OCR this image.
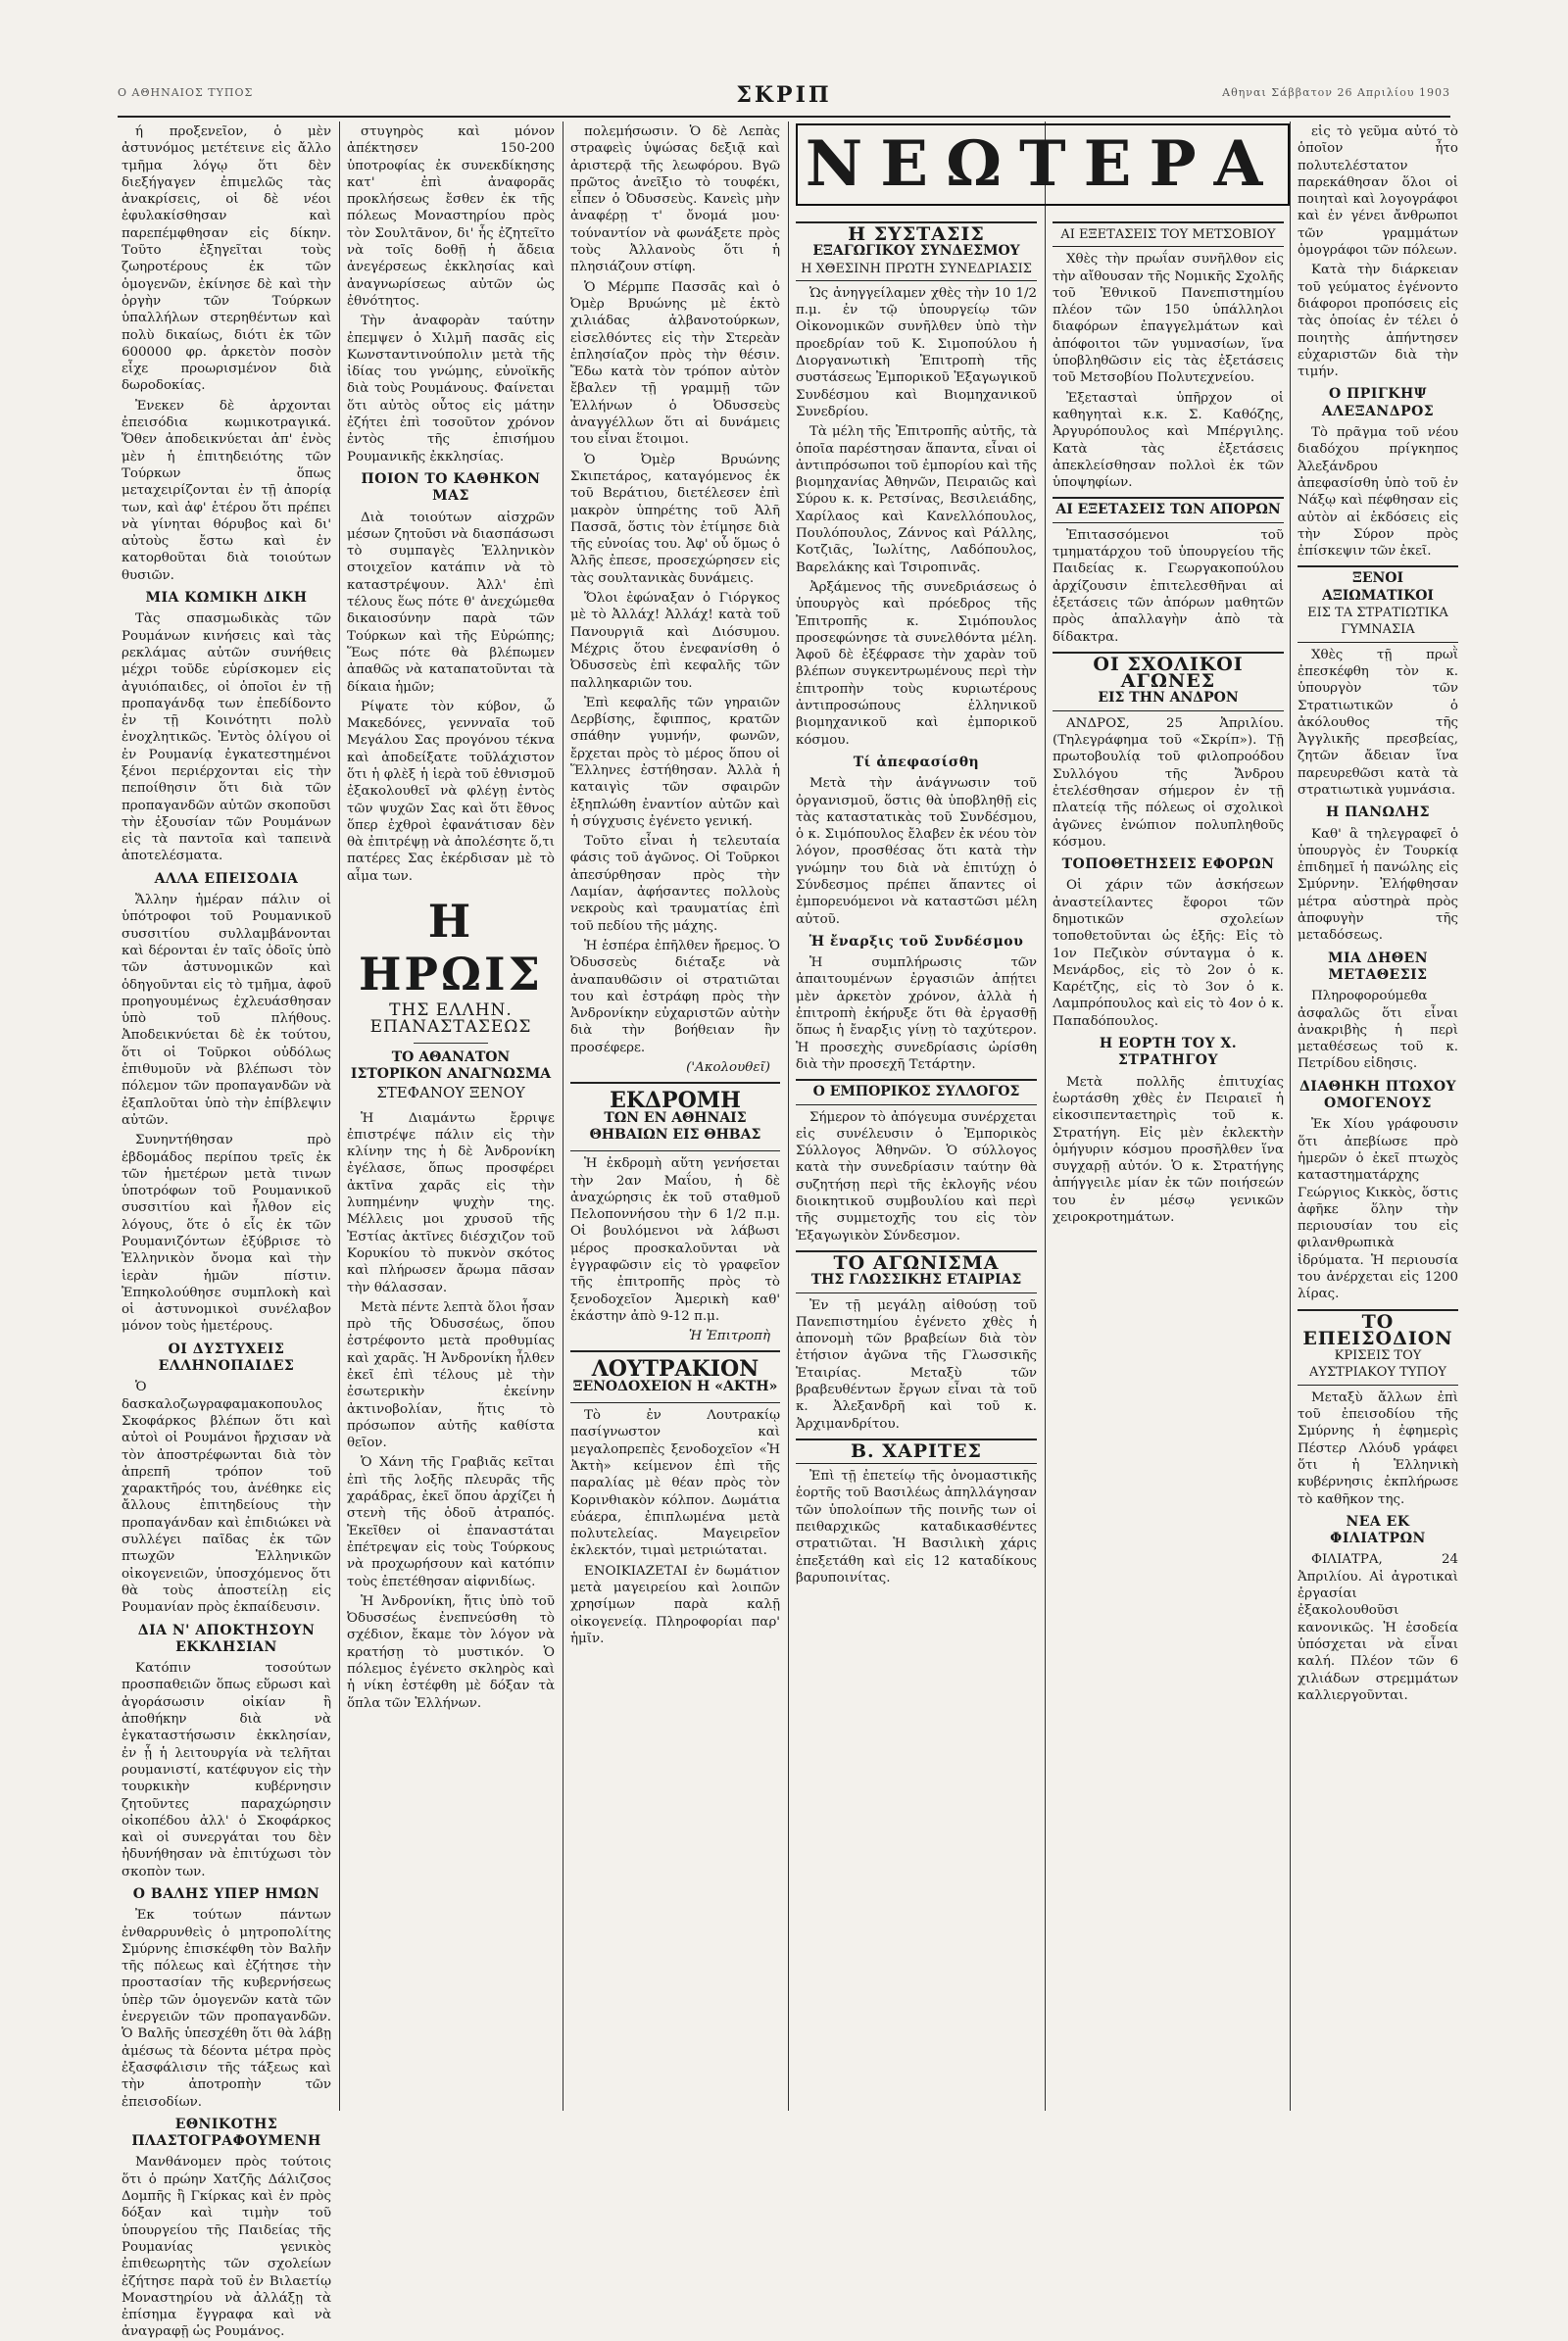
Ο ΑΘΗΝΑΙΟΣ ΤΥΠΟΣ	ΣΚΡΙΠ	Αθηναι Σάββατον 26 Απριλίου 1903

ή προξενεῖον, ὁ μὲν ἀστυνόμος μετέτεινε εἰς ἄλλο τμῆμα λόγῳ ὅτι δὲν διεξήγαγεν ἐπιμελῶς τὰς ἀνακρίσεις, οἱ δὲ νέοι ἐφυλακίσθησαν καὶ παρεπέμφθησαν εἰς δίκην. Τοῦτο ἐξηγεῖται τοὺς ζωηροτέρους ἐκ τῶν ὁμογενῶν, ἐκίνησε δὲ καὶ τὴν ὀργὴν τῶν Τούρκων ὑπαλλήλων στερηθέντων καὶ πολὺ δικαίως, διότι ἐκ τῶν 600000 φρ. ἀρκετὸν ποσὸν εἶχε προωρισμένον διὰ δωροδοκίας.

Ἐνεκεν δὲ ἀρχονται ἐπεισόδια κωμικοτραγικά. Ὅθεν ἀποδεικνύεται ἀπ' ἐνὸς μὲν ἡ ἐπιτηδειότης τῶν Τούρκων ὅπως μεταχειρίζονται ἐν τῇ ἀπορίᾳ των, καὶ ἀφ' ἑτέρου ὅτι πρέπει νὰ γίνηται θόρυβος καὶ δι' αὐτοὺς ἔστω καὶ ἐν κατορθοῦται διὰ τοιούτων θυσιῶν.

ΜΙΑ ΚΩΜΙΚΗ ΔΙΚΗ

Τὰς σπασμωδικὰς τῶν Ρουμάνων κινήσεις καὶ τὰς ρεκλάμας αὐτῶν συνήθεις μέχρι τοῦδε εὑρίσκομεν εἰς ἀγυιόπαιδες, οἱ ὁποῖοι ἐν τῇ προπαγάνδᾳ των ἐπεδίδοντο ἐν τῇ Κοινότητι πολὺ ἐνοχλητικῶς. Ἐντὸς ὀλίγου οἱ ἐν Ρουμανίᾳ ἐγκατεστημένοι ξένοι περιέρχονται εἰς τὴν πεποίθησιν ὅτι διὰ τῶν προπαγανδῶν αὐτῶν σκοποῦσι τὴν ἐξουσίαν τῶν Ρουμάνων εἰς τὰ παντοῖα καὶ ταπεινὰ ἀποτελέσματα.

ΑΛΛΑ ΕΠΕΙΣΟΔΙΑ

Ἄλλην ἡμέραν πάλιν οἱ ὑπότροφοι τοῦ Ρουμανικοῦ συσσιτίου συλλαμβάνονται καὶ δέρονται ἐν ταῖς ὁδοῖς ὑπὸ τῶν ἀστυνομικῶν καὶ ὁδηγοῦνται εἰς τὸ τμῆμα, ἀφοῦ προηγουμένως ἐχλευάσθησαν ὑπὸ τοῦ πλήθους. Ἀποδεικνύεται δὲ ἐκ τούτου, ὅτι οἱ Τοῦρκοι οὐδόλως ἐπιθυμοῦν νὰ βλέπωσι τὸν πόλεμον τῶν προπαγανδῶν νὰ ἐξαπλοῦται ὑπὸ τὴν ἐπίβλεψιν αὐτῶν.

Συνηντήθησαν πρὸ ἑβδομάδος περίπου τρεῖς ἐκ τῶν ἡμετέρων μετὰ τινων ὑποτρόφων τοῦ Ρουμανικοῦ συσσιτίου καὶ ἦλθον εἰς λόγους, ὅτε ὁ εἷς ἐκ τῶν Ρουμανιζόντων ἐξύβρισε τὸ Ἑλληνικὸν ὄνομα καὶ τὴν ἱερὰν ἡμῶν πίστιν. Ἐπηκολούθησε συμπλοκὴ καὶ οἱ ἀστυνομικοὶ συνέλαβον μόνον τοὺς ἡμετέρους.

ΟΙ ΔΥΣΤΥΧΕΙΣ ΕΛΛΗΝΟΠΑΙΔΕΣ

Ὁ δασκαλοζωγραφαμακοπουλος Σκοφάρκος βλέπων ὅτι καὶ αὐτοὶ οἱ Ρουμάνοι ἤρχισαν νὰ τὸν ἀποστρέφωνται διὰ τὸν ἀπρεπῆ τρόπον τοῦ χαρακτῆρός του, ἀνέθηκε εἰς ἄλλους ἐπιτηδείους τὴν προπαγάνδαν καὶ ἐπιδιώκει νὰ συλλέγει παῖδας ἐκ τῶν πτωχῶν Ἑλληνικῶν οἰκογενειῶν, ὑποσχόμενος ὅτι θὰ τοὺς ἀποστείλῃ εἰς Ρουμανίαν πρὸς ἐκπαίδευσιν.

ΔΙΑ Ν' ΑΠΟΚΤΗΣΟΥΝ ΕΚΚΛΗΣΙΑΝ

Κατόπιν τοσούτων προσπαθειῶν ὅπως εὕρωσι καὶ ἀγοράσωσιν οἰκίαν ἢ ἀποθήκην διὰ νὰ ἐγκαταστήσωσιν ἐκκλησίαν, ἐν ᾗ ἡ λειτουργία νὰ τελῆται ρουμανιστί, κατέφυγον εἰς τὴν τουρκικὴν κυβέρνησιν ζητοῦντες παραχώρησιν οἰκοπέδου ἀλλ' ὁ Σκοφάρκος καὶ οἱ συνεργάται του δὲν ἠδυνήθησαν νὰ ἐπιτύχωσι τὸν σκοπὸν των.

Ο ΒΑΛΗΣ ΥΠΕΡ ΗΜΩΝ

Ἐκ τούτων πάντων ἐνθαρρυνθεὶς ὁ μητροπολίτης Σμύρνης ἐπισκέφθη τὸν Βαλῆν τῆς πόλεως καὶ ἐζήτησε τὴν προστασίαν τῆς κυβερνήσεως ὑπὲρ τῶν ὁμογενῶν κατὰ τῶν ἐνεργειῶν τῶν προπαγανδῶν. Ὁ Βαλῆς ὑπεσχέθη ὅτι θὰ λάβῃ ἀμέσως τὰ δέοντα μέτρα πρὸς ἐξασφάλισιν τῆς τάξεως καὶ τὴν ἀποτροπὴν τῶν ἐπεισοδίων.

ΕΘΝΙΚΟΤΗΣ ΠΛΑΣΤΟΓΡΑΦΟΥΜΕΝΗ

Μανθάνομεν πρὸς τούτοις ὅτι ὁ πρώην Χατζῆς Δάλιζσος Δομπῆς ἢ Γκίρκας καὶ ἐν πρὸς δόξαν καὶ τιμὴν τοῦ ὑπουργείου τῆς Παιδείας τῆς Ρουμανίας γενικὸς ἐπιθεωρητὴς τῶν σχολείων ἐζήτησε παρὰ τοῦ ἐν Βιλαετίῳ Μοναστηρίου νὰ ἀλλάξῃ τὰ ἐπίσημα ἔγγραφα καὶ νὰ ἀναγραφῇ ὡς Ρουμάνος.

στυγηρὸς καὶ μόνον ἀπέκτησεν 150-200 ὑποτροφίας ἐκ συνεκδίκησης κατ' ἐπὶ ἀναφορᾶς προκλήσεως ἔσθεν ἐκ τῆς πόλεως Μοναστηρίου πρὸς τὸν Σουλτᾶνον, δι' ἧς ἐζητεῖτο νὰ τοῖς δοθῇ ἡ ἄδεια ἀνεγέρσεως ἐκκλησίας καὶ ἀναγνωρίσεως αὐτῶν ὡς ἐθνότητος.

Τὴν ἀναφορὰν ταύτην ἐπεμψεν ὁ Χιλμῆ πασᾶς εἰς Κωνσταντινούπολιν μετὰ τῆς ἰδίας του γνώμης, εὐνοϊκῆς διὰ τοὺς Ρουμάνους. Φαίνεται ὅτι αὐτὸς οὗτος εἰς μάτην ἐζήτει ἐπὶ τοσοῦτον χρόνον ἐντὸς τῆς ἐπισήμου Ρουμανικῆς ἐκκλησίας.

ΠΟΙΟΝ ΤΟ ΚΑΘΗΚΟΝ ΜΑΣ

Διὰ τοιούτων αἰσχρῶν μέσων ζητοῦσι νὰ διασπάσωσι τὸ συμπαγὲς Ἑλληνικὸν στοιχεῖον κατάπιν νὰ τὸ καταστρέψουν. Ἀλλ' ἐπὶ τέλους ἕως πότε θ' ἀνεχώμεθα δικαιοσύνην παρὰ τῶν Τούρκων καὶ τῆς Εὐρώπης; Ἕως πότε θὰ βλέπωμεν ἀπαθῶς νὰ καταπατοῦνται τὰ δίκαια ἡμῶν;

Ρίψατε τὸν κύβον, ὦ Μακεδόνες, γεννναῖα τοῦ Μεγάλου Σας προγόνου τέκνα καὶ ἀποδείξατε τοῦλάχιστον ὅτι ἡ φλὲξ ἡ ἱερὰ τοῦ ἐθνισμοῦ ἐξακολουθεῖ νὰ φλέγῃ ἐντὸς τῶν ψυχῶν Σας καὶ ὅτι ἔθνος ὅπερ ἐχθροὶ ἐφανάτισαν δὲν θὰ ἐπιτρέψῃ νὰ ἀπολέσητε ὅ,τι πατέρες Σας ἐκέρδισαν μὲ τὸ αἷμα των.

Η ΗΡΩΙΣ
ΤΗΣ ΕΛΛΗΝ. ΕΠΑΝΑΣΤΑΣΕΩΣ
ΤΟ ΑΘΑΝΑΤΟΝ ΙΣΤΟΡΙΚΟΝ ΑΝΑΓΝΩΣΜΑ
ΣΤΕΦΑΝΟΥ ΞΕΝΟΥ

Ἡ Διαμάντω ἔρριψε ἐπιστρέψε πάλιν εἰς τὴν κλίνην της ἡ δὲ Ἀνδρονίκη ἐγέλασε, ὅπως προσφέρει ἀκτῖνα χαρᾶς εἰς τὴν λυπημένην ψυχὴν της. Μέλλεις μοι χρυσοῦ τῆς Ἑστίας ἀκτῖνες διέσχιζον τοῦ Κορυκίου τὸ πυκνὸν σκότος καὶ πλήρωσεν ἄρωμα πᾶσαν τὴν θάλασσαν.

Μετὰ πέντε λεπτὰ ὅλοι ἦσαν πρὸ τῆς Ὀδυσσέως, ὅπου ἐστρέφοντο μετὰ προθυμίας καὶ χαρᾶς. Ἡ Ἀνδρονίκη ἦλθεν ἐκεῖ ἐπὶ τέλους μὲ τὴν ἐσωτερικὴν ἐκείνην ἀκτινοβολίαν, ἥτις τὸ πρόσωπον αὐτῆς καθίστα θεῖον.

Ὁ Χάνη τῆς Γραβιᾶς κεῖται ἐπὶ τῆς λοξῆς πλευρᾶς τῆς χαράδρας, ἐκεῖ ὅπου ἀρχίζει ἡ στενὴ τῆς ὁδοῦ ἀτραπός. Ἐκεῖθεν οἱ ἐπαναστάται ἐπέτρεψαν εἰς τοὺς Τούρκους νὰ προχωρήσουν καὶ κατόπιν τοὺς ἐπετέθησαν αἰφνιδίως.

Ἡ Ἀνδρονίκη, ἥτις ὑπὸ τοῦ Ὀδυσσέως ἐνεπνεύσθη τὸ σχέδιον, ἔκαμε τὸν λόγον νὰ κρατήσῃ τὸ μυστικόν. Ὁ πόλεμος ἐγένετο σκληρὸς καὶ ἡ νίκη ἐστέφθη μὲ δόξαν τὰ ὅπλα τῶν Ἑλλήνων.

πολεμήσωσιν. Ὁ δὲ Λεπὰς στραφεὶς ὑψώσας δεξιᾷ καὶ ἀριστερᾷ τῆς λεωφόρου. Βγῶ πρῶτος ἀνεῖξιο τὸ τουφέκι, εἶπεν ὁ Ὀδυσσεὺς. Κανεὶς μὴν ἀναφέρῃ τ' ὄνομά μου· τούναντίον νὰ φωνάξετε πρὸς τοὺς Ἀλλανοὺς ὅτι ἡ πλησιάζουν στίφη.

Ὁ Μέρμπε Πασσᾶς καὶ ὁ Ὀμὲρ Βρυώνης μὲ ἑκτὸ χιλιάδας ἀλβανοτούρκων, εἰσελθόντες εἰς τὴν Στερεὰν ἐπλησίαζον πρὸς τὴν θέσιν. Ἔδω κατὰ τὸν τρόπον αὐτὸν ἔβαλεν τῇ γραμμῇ τῶν Ἑλλήνων ὁ Ὀδυσσεὺς ἀναγγέλλων ὅτι αἱ δυνάμεις του εἶναι ἕτοιμοι.

Ὁ Ὀμὲρ Βρυώνης Σκιπετάρος, καταγόμενος ἐκ τοῦ Βεράτιου, διετέλεσεν ἐπὶ μακρὸν ὑπηρέτης τοῦ Ἀλῆ Πασσᾶ, ὅστις τὸν ἐτίμησε διὰ τῆς εὐνοίας του. Ἀφ' οὗ ὅμως ὁ Ἀλῆς ἐπεσε, προσεχώρησεν εἰς τὰς σουλτανικὰς δυνάμεις.

Ὅλοι ἐφώναξαν ὁ Γιόργκος μὲ τὸ Ἀλλάχ! Ἀλλάχ! κατὰ τοῦ Πανουργιᾶ καὶ Διόσυμου. Μέχρις ὅτου ἐνεφανίσθη ὁ Ὀδυσσεὺς ἐπὶ κεφαλῆς τῶν παλληκαριῶν του.

Ἐπὶ κεφαλῆς τῶν γηραιῶν Δερβίσης, ἔφιππος, κρατῶν σπάθην γυμνήν, φωνῶν, ἔρχεται πρὸς τὸ μέρος ὅπου οἱ Ἕλληνες ἐστήθησαν. Ἀλλὰ ἡ καταιγὶς τῶν σφαιρῶν ἐξηπλώθη ἐναντίον αὐτῶν καὶ ἡ σύγχυσις ἐγένετο γενική.

Τοῦτο εἶναι ἡ τελευταία φάσις τοῦ ἀγῶνος. Οἱ Τοῦρκοι ἀπεσύρθησαν πρὸς τὴν Λαμίαν, ἀφήσαντες πολλοὺς νεκροὺς καὶ τραυματίας ἐπὶ τοῦ πεδίου τῆς μάχης.

Ἡ ἑσπέρα ἐπῆλθεν ἤρεμος. Ὁ Ὀδυσσεὺς διέταξε νὰ ἀναπαυθῶσιν οἱ στρατιῶται του καὶ ἐστράφη πρὸς τὴν Ἀνδρονίκην εὐχαριστῶν αὐτὴν διὰ τὴν βοήθειαν ἣν προσέφερε.

('Ακολουθεῖ)
ΕΚΔΡΟΜΗ
ΤΩΝ ΕΝ ΑΘΗΝΑΙΣ ΘΗΒΑΙΩΝ ΕΙΣ ΘΗΒΑΣ

Ἡ ἐκδρομὴ αὕτη γενήσεται τὴν 2αν Μαΐου, ἡ δὲ ἀναχώρησις ἐκ τοῦ σταθμοῦ Πελοποννήσου τὴν 6 1/2 π.μ. Οἱ βουλόμενοι νὰ λάβωσι μέρος προσκαλοῦνται νὰ ἐγγραφῶσιν εἰς τὸ γραφεῖον τῆς ἐπιτροπῆς πρὸς τὸ ξενοδοχεῖον Ἀμερικὴ καθ' ἑκάστην ἀπὸ 9-12 π.μ.

Ἡ Ἐπιτροπὴ
ΛΟΥΤΡΑΚΙΟΝ
ΞΕΝΟΔΟΧΕΙΟΝ Η «ΑΚΤΗ»

Τὸ ἐν Λουτρακίῳ πασίγνωστον καὶ μεγαλοπρεπὲς ξενοδοχεῖον «Ἡ Ἀκτὴ» κείμενον ἐπὶ τῆς παραλίας μὲ θέαν πρὸς τὸν Κορινθιακὸν κόλπον. Δωμάτια εὐάερα, ἐπιπλωμένα μετὰ πολυτελείας. Μαγειρεῖον ἐκλεκτόν, τιμαὶ μετριώταται.

ΕΝΟΙΚΙΑΖΕΤΑΙ ἐν δωμάτιον μετὰ μαγειρείου καὶ λοιπῶν χρησίμων παρὰ καλῇ οἰκογενείᾳ. Πληροφορίαι παρ' ἡμῖν.

ΝΕΩΤΕΡΑ
Η ΣΥΣΤΑΣΙΣ
ΕΞΑΓΩΓΙΚΟΥ ΣΥΝΔΕΣΜΟΥ
Η ΧΘΕΣΙΝΗ ΠΡΩΤΗ ΣΥΝΕΔΡΙΑΣΙΣ

Ὡς ἀνηγγείλαμεν χθὲς τὴν 10 1/2 π.μ. ἐν τῷ ὑπουργείῳ τῶν Οἰκονομικῶν συνῆλθεν ὑπὸ τὴν προεδρίαν τοῦ Κ. Σιμοπούλου ἡ Διοργανωτικὴ Ἐπιτροπὴ τῆς συστάσεως Ἐμπορικοῦ Ἐξαγωγικοῦ Συνδέσμου καὶ Βιομηχανικοῦ Συνεδρίου.

Τὰ μέλη τῆς Ἐπιτροπῆς αὐτῆς, τὰ ὁποῖα παρέστησαν ἅπαντα, εἶναι οἱ ἀντιπρόσωποι τοῦ ἐμπορίου καὶ τῆς βιομηχανίας Ἀθηνῶν, Πειραιῶς καὶ Σύρου κ. κ. Ρετσίνας, Βεσιλειάδης, Χαρίλαος καὶ Κανελλόπουλος, Πουλόπουλος, Ζάννος καὶ Ράλλης, Κοτζιᾶς, Ἰωλίτης, Λαδόπουλος, Βαρελάκης καὶ Τσιροπινᾶς.

Ἀρξάμενος τῆς συνεδριάσεως ὁ ὑπουργὸς καὶ πρόεδρος τῆς Ἐπιτροπῆς κ. Σιμόπουλος προσεφώνησε τὰ συνελθόντα μέλη. Ἀφοῦ δὲ ἐξέφρασε τὴν χαρὰν τοῦ βλέπων συγκεντρωμένους περὶ τὴν ἐπιτροπὴν τοὺς κυριωτέρους ἀντιπροσώπους ἑλληνικοῦ βιομηχανικοῦ καὶ ἐμπορικοῦ κόσμου.

Τί ἀπεφασίσθη

Μετὰ τὴν ἀνάγνωσιν τοῦ ὀργανισμοῦ, ὅστις θὰ ὑποβληθῇ εἰς τὰς καταστατικὰς τοῦ Συνδέσμου, ὁ κ. Σιμόπουλος ἔλαβεν ἐκ νέου τὸν λόγον, προσθέσας ὅτι κατὰ τὴν γνώμην του διὰ νὰ ἐπιτύχῃ ὁ Σύνδεσμος πρέπει ἅπαντες οἱ ἐμπορευόμενοι νὰ καταστῶσι μέλη αὐτοῦ.

Ἡ ἔναρξις τοῦ Συνδέσμου

Ἡ συμπλήρωσις τῶν ἀπαιτουμένων ἐργασιῶν ἀπῄτει μὲν ἀρκετὸν χρόνον, ἀλλὰ ἡ ἐπιτροπὴ ἐκήρυξε ὅτι θὰ ἐργασθῇ ὅπως ἡ ἔναρξις γίνῃ τὸ ταχύτερον. Ἡ προσεχὴς συνεδρίασις ὡρίσθη διὰ τὴν προσεχῆ Τετάρτην.

Ο ΕΜΠΟΡΙΚΟΣ ΣΥΛΛΟΓΟΣ

Σήμερον τὸ ἀπόγευμα συνέρχεται εἰς συνέλευσιν ὁ Ἐμπορικὸς Σύλλογος Ἀθηνῶν. Ὁ σύλλογος κατὰ τὴν συνεδρίασιν ταύτην θὰ συζητήσῃ περὶ τῆς ἐκλογῆς νέου διοικητικοῦ συμβουλίου καὶ περὶ τῆς συμμετοχῆς του εἰς τὸν Ἐξαγωγικὸν Σύνδεσμον.

ΤΟ ΑΓΩΝΙΣΜΑ
ΤΗΣ ΓΛΩΣΣΙΚΗΣ ΕΤΑΙΡΙΑΣ

Ἐν τῇ μεγάλῃ αἰθούσῃ τοῦ Πανεπιστημίου ἐγένετο χθὲς ἡ ἀπονομὴ τῶν βραβείων διὰ τὸν ἐτήσιον ἀγῶνα τῆς Γλωσσικῆς Ἑταιρίας. Μεταξὺ τῶν βραβευθέντων ἔργων εἶναι τὰ τοῦ κ. Ἀλεξανδρῆ καὶ τοῦ κ. Ἀρχιμανδρίτου.

Β. ΧΑΡΙΤΕΣ

Ἐπὶ τῇ ἐπετείῳ τῆς ὀνομαστικῆς ἑορτῆς τοῦ Βασιλέως ἀπηλλάγησαν τῶν ὑπολοίπων τῆς ποινῆς των οἱ πειθαρχικῶς καταδικασθέντες στρατιῶται. Ἡ Βασιλικὴ χάρις ἐπεξετάθη καὶ εἰς 12 καταδίκους βαρυποινίτας.

ΑΙ ΕΞΕΤΑΣΕΙΣ ΤΟΥ ΜΕΤΣΟΒΙΟΥ

Χθὲς τὴν πρωΐαν συνῆλθον εἰς τὴν αἴθουσαν τῆς Νομικῆς Σχολῆς τοῦ Ἐθνικοῦ Πανεπιστημίου πλέον τῶν 150 ὑπάλληλοι διαφόρων ἐπαγγελμάτων καὶ ἀπόφοιτοι τῶν γυμνασίων, ἵνα ὑποβληθῶσιν εἰς τὰς ἐξετάσεις τοῦ Μετσοβίου Πολυτεχνείου.

Ἐξετασταὶ ὑπῆρχον οἱ καθηγηταὶ κ.κ. Σ. Καθόζης, Ἀργυρόπουλος καὶ Μπέργιλης. Κατὰ τὰς ἐξετάσεις ἀπεκλείσθησαν πολλοὶ ἐκ τῶν ὑποψηφίων.

ΑΙ ΕΞΕΤΑΣΕΙΣ ΤΩΝ ΑΠΟΡΩΝ

Ἐπιτασσόμενοι τοῦ τμηματάρχου τοῦ ὑπουργείου τῆς Παιδείας κ. Γεωργακοπούλου ἀρχίζουσιν ἐπιτελεσθῆναι αἱ ἐξετάσεις τῶν ἀπόρων μαθητῶν πρὸς ἀπαλλαγὴν ἀπὸ τὰ δίδακτρα.

ΟΙ ΣΧΟΛΙΚΟΙ ΑΓΩΝΕΣ
ΕΙΣ ΤΗΝ ΑΝΔΡΟΝ

ΑΝΔΡΟΣ, 25 Ἀπριλίου. (Τηλεγράφημα τοῦ «Σκρίπ»). Τῇ πρωτοβουλίᾳ τοῦ φιλοπροόδου Συλλόγου τῆς Ἄνδρου ἐτελέσθησαν σήμερον ἐν τῇ πλατείᾳ τῆς πόλεως οἱ σχολικοὶ ἀγῶνες ἐνώπιον πολυπληθοῦς κόσμου.

ΤΟΠΟΘΕΤΗΣΕΙΣ ΕΦΟΡΩΝ

Οἱ χάριν τῶν ἀσκήσεων ἀναστείλαντες ἔφοροι τῶν δημοτικῶν σχολείων τοποθετοῦνται ὡς ἑξῆς: Εἰς τὸ 1ον Πεζικὸν σύνταγμα ὁ κ. Μενάρδος, εἰς τὸ 2ον ὁ κ. Καρέτζης, εἰς τὸ 3ον ὁ κ. Λαμπρόπουλος καὶ εἰς τὸ 4ον ὁ κ. Παπαδόπουλος.

Η ΕΟΡΤΗ ΤΟΥ Χ. ΣΤΡΑΤΗΓΟΥ

Μετὰ πολλῆς ἐπιτυχίας ἑωρτάσθη χθὲς ἐν Πειραιεῖ ἡ εἰκοσιπενταετηρὶς τοῦ κ. Στρατήγη. Εἰς μὲν ἐκλεκτὴν ὁμήγυριν κόσμου προσῆλθεν ἵνα συγχαρῇ αὐτόν. Ὁ κ. Στρατήγης ἀπήγγειλε μίαν ἐκ τῶν ποιήσεών του ἐν μέσῳ γενικῶν χειροκροτημάτων.

εἰς τὸ γεῦμα αὐτό τὸ ὁποῖον ἦτο πολυτελέστατον παρεκάθησαν ὅλοι οἱ ποιηταὶ καὶ λογογράφοι καὶ ἐν γένει ἄνθρωποι τῶν γραμμάτων ὁμογράφοι τῶν πόλεων.

Κατὰ τὴν διάρκειαν τοῦ γεύματος ἐγένοντο διάφοροι προπόσεις εἰς τὰς ὁποίας ἐν τέλει ὁ ποιητὴς ἀπήντησεν εὐχαριστῶν διὰ τὴν τιμήν.

Ο ΠΡΙΓΚΗΨ ΑΛΕΞΑΝΔΡΟΣ

Τὸ πρᾶγμα τοῦ νέου διαδόχου πρίγκηπος Ἀλεξάνδρου ἀπεφασίσθη ὑπὸ τοῦ ἐν Νάξῳ καὶ πέφθησαν εἰς αὐτὸν αἱ ἐκδόσεις εἰς τὴν Σύρον πρὸς ἐπίσκεψιν τῶν ἐκεῖ.

ΞΕΝΟΙ ΑΞΙΩΜΑΤΙΚΟΙ
ΕΙΣ ΤΑ ΣΤΡΑΤΙΩΤΙΚΑ ΓΥΜΝΑΣΙΑ

Χθὲς τῇ πρωῒ ἐπεσκέφθη τὸν κ. ὑπουργὸν τῶν Στρατιωτικῶν ὁ ἀκόλουθος τῆς Ἀγγλικῆς πρεσβείας, ζητῶν ἄδειαν ἵνα παρευρεθῶσι κατὰ τὰ στρατιωτικὰ γυμνάσια.

Η ΠΑΝΩΛΗΣ

Καθ' ἃ τηλεγραφεῖ ὁ ὑπουργὸς ἐν Τουρκίᾳ ἐπιδημεῖ ἡ πανώλης εἰς Σμύρνην. Ἐλήφθησαν μέτρα αὐστηρὰ πρὸς ἀποφυγὴν τῆς μεταδόσεως.

ΜΙΑ ΔΗΘΕΝ ΜΕΤΑΘΕΣΙΣ

Πληροφορούμεθα ἀσφαλῶς ὅτι εἶναι ἀνακριβὴς ἡ περὶ μεταθέσεως τοῦ κ. Πετρίδου εἰδησις.

ΔΙΑΘΗΚΗ ΠΤΩΧΟΥ ΟΜΟΓΕΝΟΥΣ

Ἐκ Χίου γράφουσιν ὅτι ἀπεβίωσε πρὸ ἡμερῶν ὁ ἐκεῖ πτωχὸς καταστηματάρχης Γεώργιος Κικκὸς, ὅστις ἀφῆκε ὅλην τὴν περιουσίαν του εἰς φιλανθρωπικὰ ἱδρύματα. Ἡ περιουσία του ἀνέρχεται εἰς 1200 λίρας.

ΤΟ ΕΠΕΙΣΟΔΙΟΝ
ΚΡΙΣΕΙΣ ΤΟΥ ΑΥΣΤΡΙΑΚΟΥ ΤΥΠΟΥ

Μεταξὺ ἄλλων ἐπὶ τοῦ ἐπεισοδίου τῆς Σμύρνης ἡ ἐφημερὶς Πέστερ Λλόυδ γράφει ὅτι ἡ Ἑλληνικὴ κυβέρνησις ἐκπλήρωσε τὸ καθῆκον της.

ΝΕΑ ΕΚ ΦΙΛΙΑΤΡΩΝ

ΦΙΛΙΑΤΡΑ, 24 Ἀπριλίου. Αἱ ἀγροτικαὶ ἐργασίαι ἐξακολουθοῦσι κανονικῶς. Ἡ ἐσοδεία ὑπόσχεται νὰ εἶναι καλή. Πλέον τῶν 6 χιλιάδων στρεμμάτων καλλιεργοῦνται.
